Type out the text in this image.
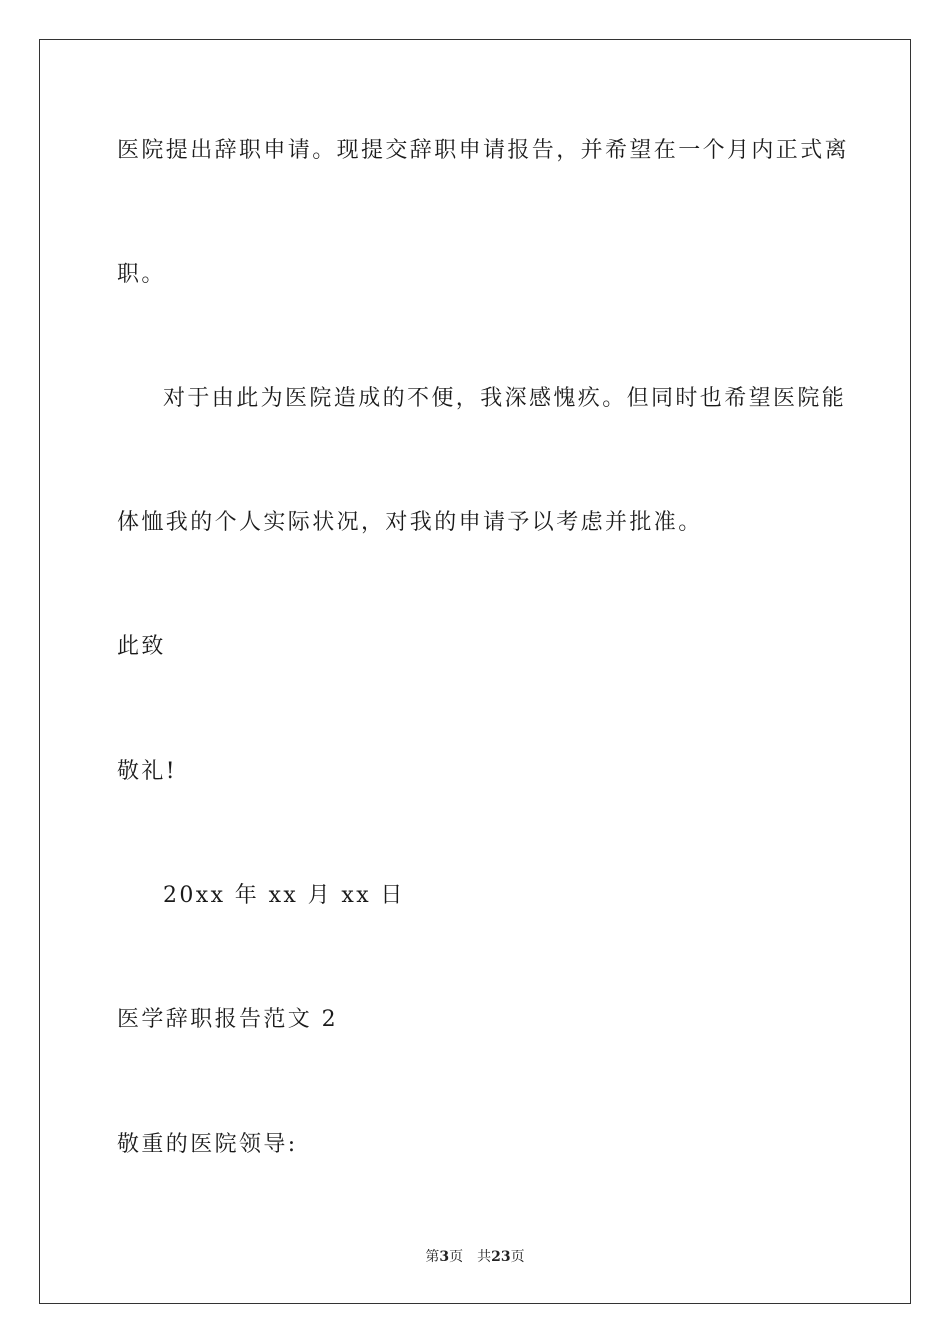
医院提出辞职申请。现提交辞职申请报告，并希望在一个月内正式离
职。
对于由此为医院造成的不便，我深感愧疚。但同时也希望医院能
体恤我的个人实际状况，对我的申请予以考虑并批准。
此致
敬礼!
20xx 年 xx 月 xx 日
医学辞职报告范文 2
敬重的医院领导:
第3页 共23页
